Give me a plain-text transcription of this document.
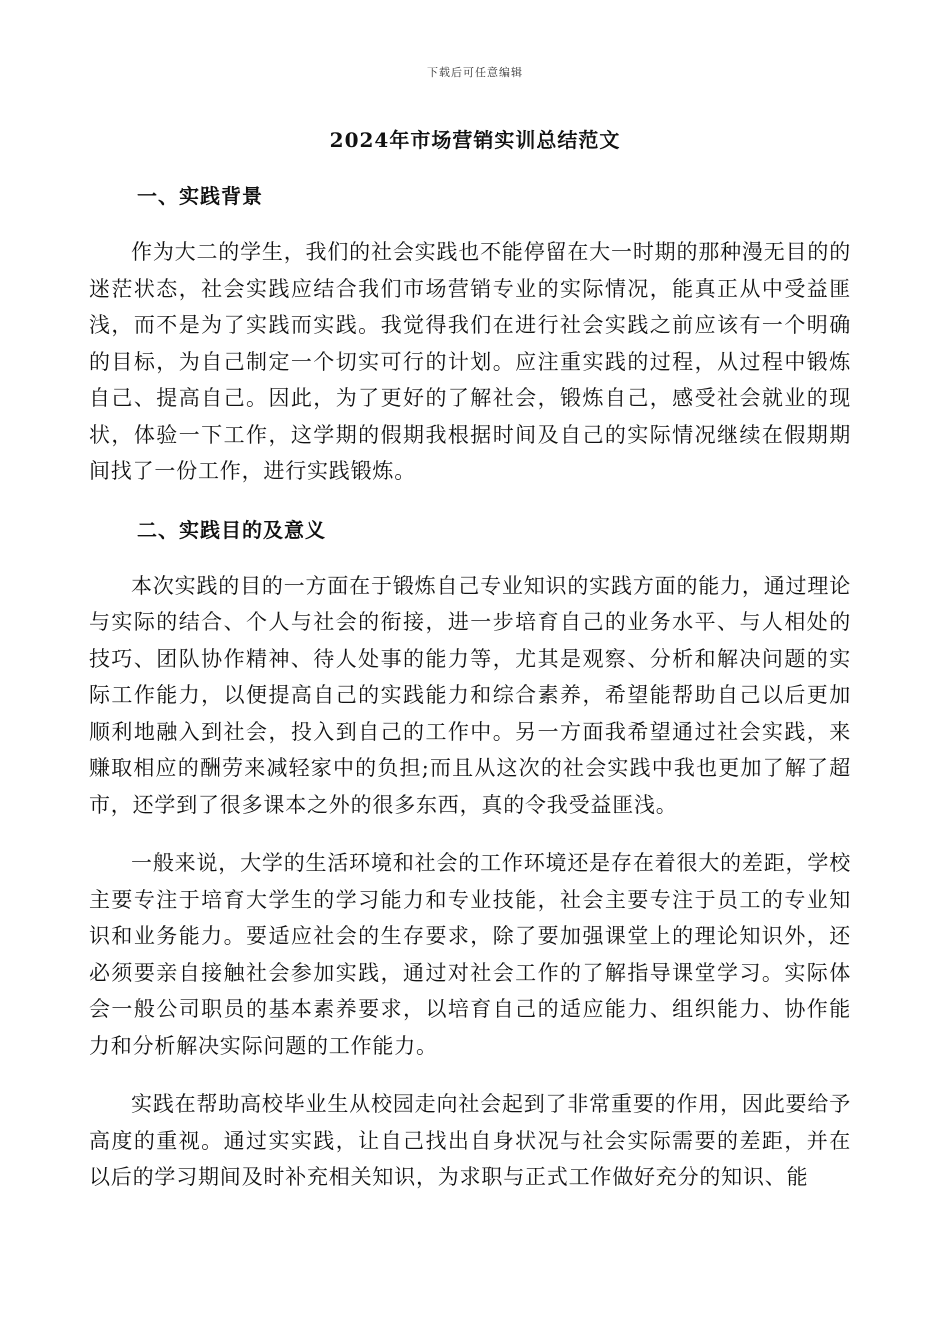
下载后可任意编辑
2024年市场营销实训总结范文
一、实践背景

作为大二的学生，我们的社会实践也不能停留在大一时期的那种漫无目的的迷茫状态，社会实践应结合我们市场营销专业的实际情况，能真正从中受益匪浅，而不是为了实践而实践。我觉得我们在进行社会实践之前应该有一个明确的目标，为自己制定一个切实可行的计划。应注重实践的过程，从过程中锻炼自己、提高自己。因此，为了更好的了解社会，锻炼自己，感受社会就业的现状，体验一下工作，这学期的假期我根据时间及自己的实际情况继续在假期期间找了一份工作，进行实践锻炼。

二、实践目的及意义

本次实践的目的一方面在于锻炼自己专业知识的实践方面的能力，通过理论与实际的结合、个人与社会的衔接，进一步培育自己的业务水平、与人相处的技巧、团队协作精神、待人处事的能力等，尤其是观察、分析和解决问题的实际工作能力，以便提高自己的实践能力和综合素养，希望能帮助自己以后更加顺利地融入到社会，投入到自己的工作中。另一方面我希望通过社会实践，来赚取相应的酬劳来减轻家中的负担;而且从这次的社会实践中我也更加了解了超市，还学到了很多课本之外的很多东西，真的令我受益匪浅。

一般来说，大学的生活环境和社会的工作环境还是存在着很大的差距，学校主要专注于培育大学生的学习能力和专业技能，社会主要专注于员工的专业知识和业务能力。要适应社会的生存要求，除了要加强课堂上的理论知识外，还必须要亲自接触社会参加实践，通过对社会工作的了解指导课堂学习。实际体会一般公司职员的基本素养要求，以培育自己的适应能力、组织能力、协作能力和分析解决实际问题的工作能力。

实践在帮助高校毕业生从校园走向社会起到了非常重要的作用，因此要给予高度的重视。通过实实践，让自己找出自身状况与社会实际需要的差距，并在以后的学习期间及时补充相关知识，为求职与正式工作做好充分的知识、能
